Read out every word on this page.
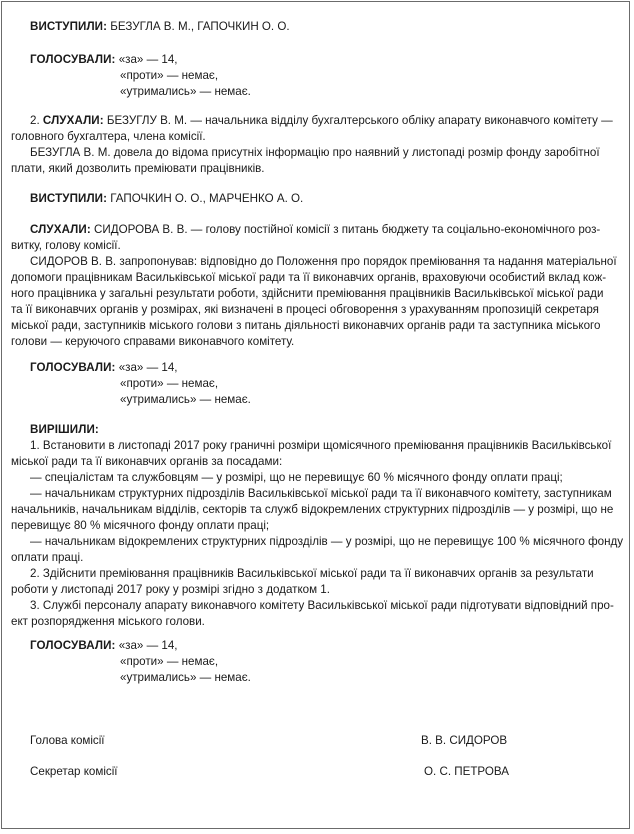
ВИСТУПИЛИ: БЕЗУГЛА В. М., ГАПОЧКИН О. О.
ГОЛОСУВАЛИ: «за» — 14,
«проти» — немає,
«утримались» — немає.
2. СЛУХАЛИ: БЕЗУГЛУ В. М. — начальника відділу бухгалтерського обліку апарату виконавчого комітету —
головного бухгалтера, члена комісії.
БЕЗУГЛА В. М. довела до відома присутніх інформацію про наявний у листопаді розмір фонду заробітної
плати, який дозволить преміювати працівників.
ВИСТУПИЛИ: ГАПОЧКИН О. О., МАРЧЕНКО А. О.
СЛУХАЛИ: СИДОРОВА В. В. — голову постійної комісії з питань бюджету та соціально-економічного роз-
витку, голову комісії.
СИДОРОВ В. В. запропонував: відповідно до Положення про порядок преміювання та надання матеріальної
допомоги працівникам Васильківської міської ради та її виконавчих органів, враховуючи особистий вклад кож-
ного працівника у загальні результати роботи, здійснити преміювання працівників Васильківської міської ради
та її виконавчих органів у розмірах, які визначені в процесі обговорення з урахуванням пропозицій секретаря
міської ради, заступників міського голови з питань діяльності виконавчих органів ради та заступника міського
голови — керуючого справами виконавчого комітету.
ГОЛОСУВАЛИ: «за» — 14,
«проти» — немає,
«утримались» — немає.
ВИРІШИЛИ:
1. Встановити в листопаді 2017 року граничні розміри щомісячного преміювання працівників Васильківської
міської ради та її виконавчих органів за посадами:
— спеціалістам та службовцям — у розмірі, що не перевищує 60 % місячного фонду оплати праці;
— начальникам структурних підрозділів Васильківської міської ради та її виконавчого комітету, заступникам
начальників, начальникам відділів, секторів та служб відокремлених структурних підрозділів — у розмірі, що не
перевищує 80 % місячного фонду оплати праці;
— начальникам відокремлених структурних підрозділів — у розмірі, що не перевищує 100 % місячного фонду
оплати праці.
2. Здійснити преміювання працівників Васильківської міської ради та її виконавчих органів за результати
роботи у листопаді 2017 року у розмірі згідно з додатком 1.
3. Службі персоналу апарату виконавчого комітету Васильківської міської ради підготувати відповідний про-
ект розпорядження міського голови.
ГОЛОСУВАЛИ: «за» — 14,
«проти» — немає,
«утримались» — немає.
Голова комісії	В. В. СИДОРОВ
Секретар комісії	О. С. ПЕТРОВА
